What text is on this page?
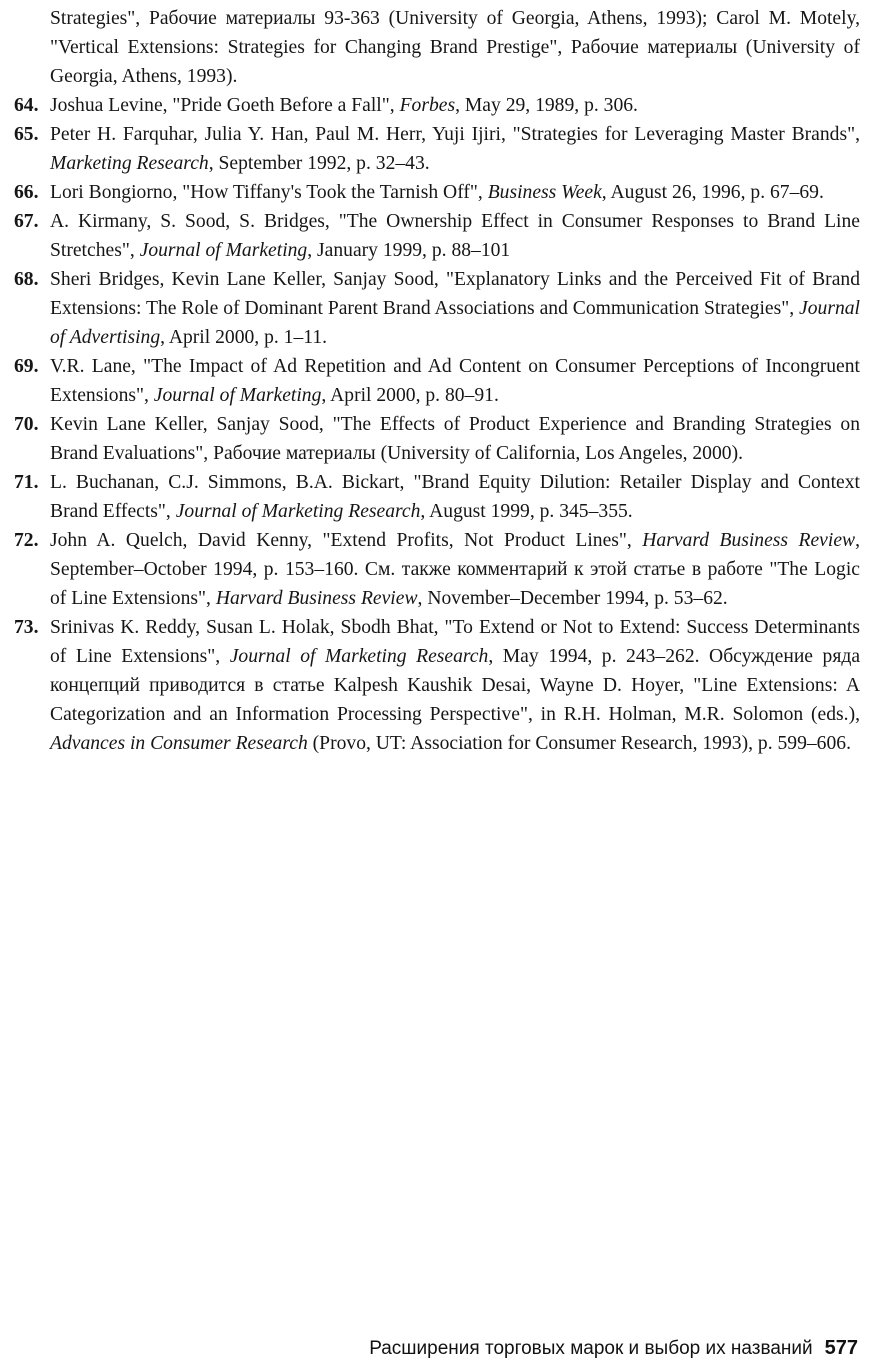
Strategies", Рабочие материалы 93-363 (University of Georgia, Athens, 1993); Carol M. Motely, "Vertical Extensions: Strategies for Changing Brand Prestige", Рабочие материалы (University of Georgia, Athens, 1993).
64. Joshua Levine, "Pride Goeth Before a Fall", Forbes, May 29, 1989, p. 306.
65. Peter H. Farquhar, Julia Y. Han, Paul M. Herr, Yuji Ijiri, "Strategies for Leveraging Master Brands", Marketing Research, September 1992, p. 32–43.
66. Lori Bongiorno, "How Tiffany's Took the Tarnish Off", Business Week, August 26, 1996, p. 67–69.
67. A. Kirmany, S. Sood, S. Bridges, "The Ownership Effect in Consumer Responses to Brand Line Stretches", Journal of Marketing, January 1999, p. 88–101
68. Sheri Bridges, Kevin Lane Keller, Sanjay Sood, "Explanatory Links and the Perceived Fit of Brand Extensions: The Role of Dominant Parent Brand Associations and Communication Strategies", Journal of Advertising, April 2000, p. 1–11.
69. V.R. Lane, "The Impact of Ad Repetition and Ad Content on Consumer Perceptions of Incongruent Extensions", Journal of Marketing, April 2000, p. 80–91.
70. Kevin Lane Keller, Sanjay Sood, "The Effects of Product Experience and Branding Strategies on Brand Evaluations", Рабочие материалы (University of California, Los Angeles, 2000).
71. L. Buchanan, C.J. Simmons, B.A. Bickart, "Brand Equity Dilution: Retailer Display and Context Brand Effects", Journal of Marketing Research, August 1999, p. 345–355.
72. John A. Quelch, David Kenny, "Extend Profits, Not Product Lines", Harvard Business Review, September–October 1994, p. 153–160. См. также комментарий к этой статье в работе "The Logic of Line Extensions", Harvard Business Review, November–December 1994, p. 53–62.
73. Srinivas K. Reddy, Susan L. Holak, Sbodh Bhat, "To Extend or Not to Extend: Success Determinants of Line Extensions", Journal of Marketing Research, May 1994, p. 243–262. Обсуждение ряда концепций приводится в статье Kalpesh Kaushik Desai, Wayne D. Hoyer, "Line Extensions: A Categorization and an Information Processing Perspective", in R.H. Holman, M.R. Solomon (eds.), Advances in Consumer Research (Provo, UT: Association for Consumer Research, 1993), p. 599–606.
Расширения торговых марок и выбор их названий 577
